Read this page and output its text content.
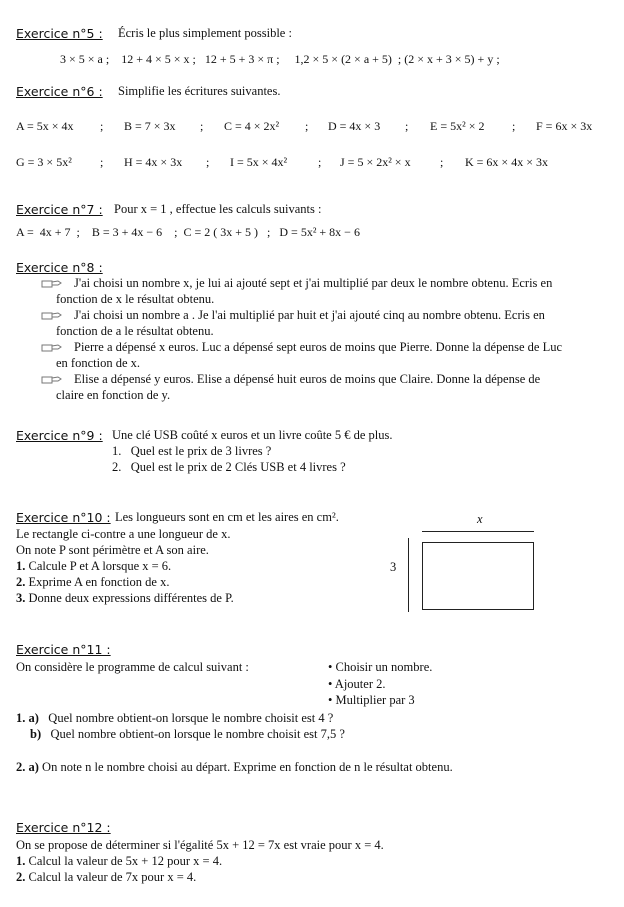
Exercice n°5 : Écris le plus simplement possible :
3 × 5 × a ;    12 + 4 × 5 × x ;   12 + 5 + 3 × π ;     1,2 × 5 × (2 × a + 5)  ; (2 × x + 3 × 5) + y ;
Exercice n°6 : Simplifie les écritures suivantes.
A = 5x × 4x ; B = 7 × 3x ; C = 4 × 2x² ; D = 4x × 3 ; E = 5x² × 2 ; F = 6x × 3x
G = 3 × 5x² ; H = 4x × 3x ; I = 5x × 4x²	; J = 5 × 2x² × x ; K = 6x × 4x × 3x
Exercice n°7 : Pour x = 1 , effectue les calculs suivants :
A =  4x + 7  ;    B = 3 + 4x − 6    ;  C = 2 ( 3x + 5 )   ;   D = 5x² + 8x − 6
Exercice n°8 :
J'ai choisi un nombre x, je lui ai ajouté sept et j'ai multiplié par deux le nombre obtenu. Ecris en
fonction de x le résultat obtenu.
J'ai choisi un nombre a . Je l'ai multiplié par huit et j'ai ajouté cinq au nombre obtenu. Ecris en
fonction de a le résultat obtenu.
Pierre a dépensé x euros. Luc a dépensé sept euros de moins que Pierre. Donne la dépense de Luc
en fonction de x.
Elise a dépensé y euros. Elise a dépensé huit euros de moins que Claire. Donne la dépense de
claire en fonction de y.
Exercice n°9 : Une clé USB coûté x euros et un livre coûte 5 € de plus.
1.   Quel est le prix de 3 livres ?
2.   Quel est le prix de 2 Clés USB et 4 livres ?
Exercice n°10 : Les longueurs sont en cm et les aires en cm².
Le rectangle ci-contre a une longueur de x.
On note P sont périmètre et A son aire.
1. Calcule P et A lorsque x = 6.
2. Exprime A en fonction de x.
3. Donne deux expressions différentes de P.
x
3
Exercice n°11 :
On considère le programme de calcul suivant :	• Choisir un nombre.
• Ajouter 2.
• Multiplier par 3
1. a) Quel nombre obtient-on lorsque le nombre choisit est 4 ?
b) Quel nombre obtient-on lorsque le nombre choisit est 7,5 ?
2. a) On note n le nombre choisi au départ. Exprime en fonction de n le résultat obtenu.
Exercice n°12 :
On se propose de déterminer si l'égalité 5x + 12 = 7x est vraie pour x = 4.
1. Calcul la valeur de 5x + 12 pour x = 4.
2. Calcul la valeur de 7x pour x = 4.
